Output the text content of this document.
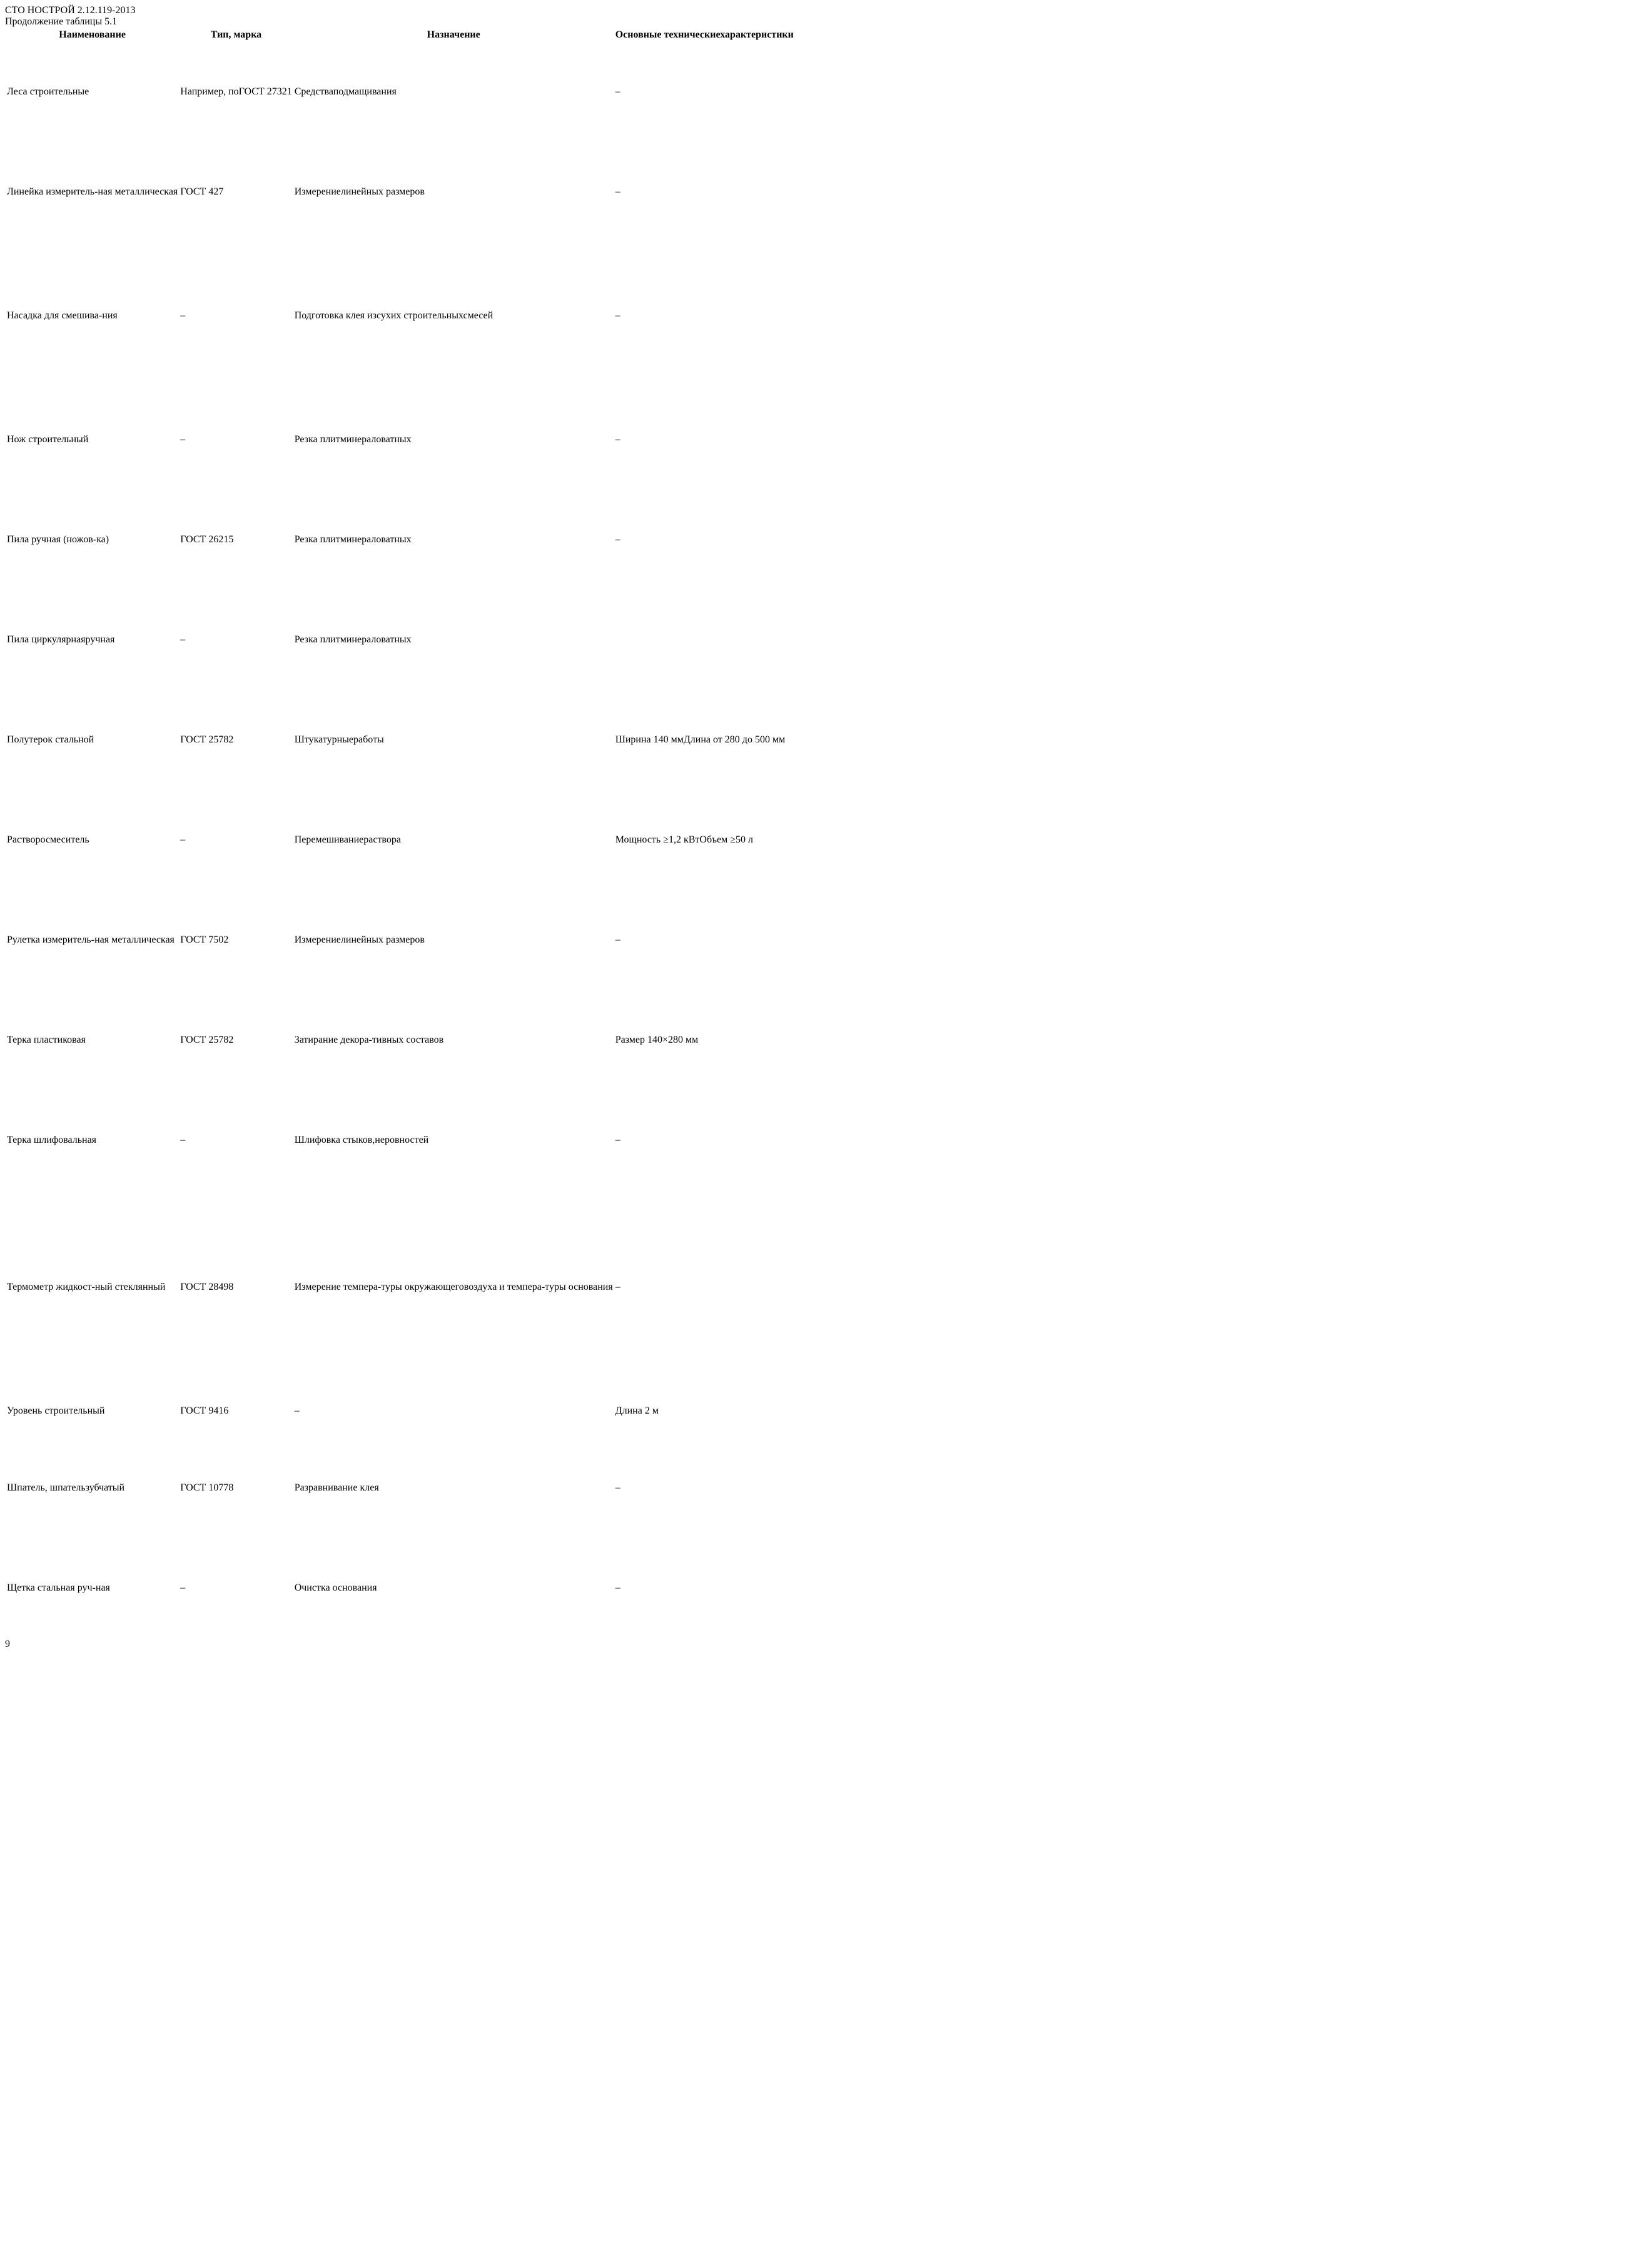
СТО НОСТРОЙ 2.12.119-2013
Продолжение таблицы 5.1
Наименование	Тип, марка	Назначение	Основные техническиехарактеристики
Леса строительные	Например, поГОСТ 27321	Средстваподмащивания	–
Линейка измеритель-ная металлическая	ГОСТ 427	Измерениелинейных размеров	–
Насадка для смешива-ния	–	Подготовка клея изсухих строительныхсмесей	–
Нож строительный	–	Резка плитминераловатных	–
Пила ручная (ножов-ка)	ГОСТ 26215	Резка плитминераловатных	–
Пила циркулярнаяручная	–	Резка плитминераловатных	
Полутерок стальной	ГОСТ 25782	Штукатурныеработы	Ширина 140 ммДлина от 280 до 500 мм
Растворосмеситель	–	Перемешиваниераствора	Мощность ≥1,2 кВтОбъем ≥50 л
Рулетка измеритель-ная металлическая	ГОСТ 7502	Измерениелинейных размеров	–
Терка пластиковая	ГОСТ 25782	Затирание декора-тивных составов	Размер 140×280 мм
Терка шлифовальная	–	Шлифовка стыков,неровностей	–
Термометр жидкост-ный стеклянный	ГОСТ 28498	Измерение темпера-туры окружающеговоздуха и темпера-туры основания	–
Уровень строительный	ГОСТ 9416	–	Длина 2 м
Шпатель, шпательзубчатый	ГОСТ 10778	Разравнивание клея	–
Щетка стальная руч-ная	–	Очистка основания	–
9
